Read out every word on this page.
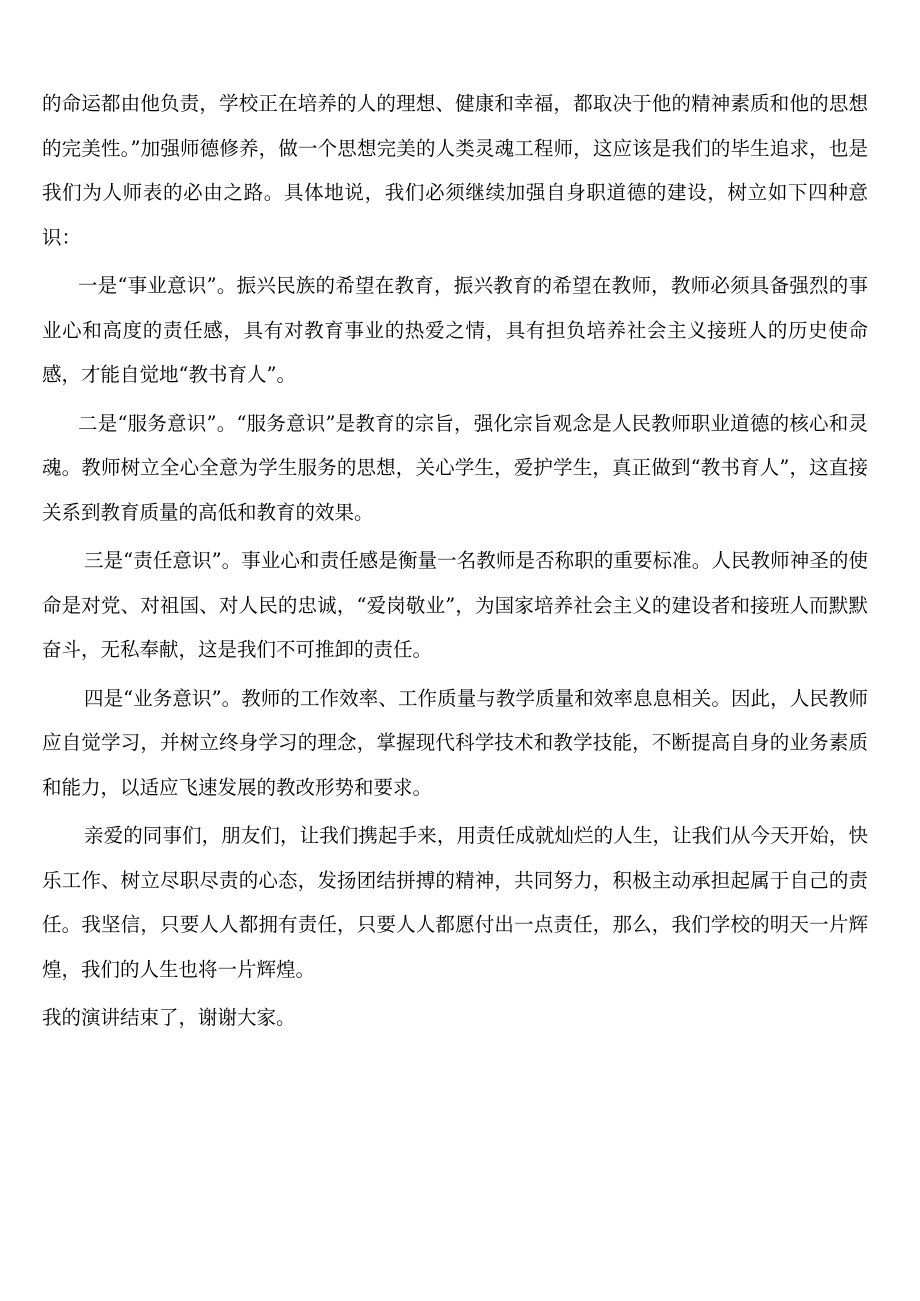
的命运都由他负责，学校正在培养的人的理想、健康和幸福，都取决于他的精神素质和他的思想的完美性。”加强师德修养，做一个思想完美的人类灵魂工程师，这应该是我们的毕生追求，也是我们为人师表的必由之路。具体地说，我们必须继续加强自身职道德的建设，树立如下四种意识：

一是“事业意识”。振兴民族的希望在教育，振兴教育的希望在教师，教师必须具备强烈的事业心和高度的责任感，具有对教育事业的热爱之情，具有担负培养社会主义接班人的历史使命感，才能自觉地“教书育人”。

二是“服务意识”。“服务意识”是教育的宗旨，强化宗旨观念是人民教师职业道德的核心和灵魂。教师树立全心全意为学生服务的思想，关心学生，爱护学生，真正做到“教书育人”，这直接关系到教育质量的高低和教育的效果。

三是“责任意识”。事业心和责任感是衡量一名教师是否称职的重要标准。人民教师神圣的使命是对党、对祖国、对人民的忠诚，“爱岗敬业”，为国家培养社会主义的建设者和接班人而默默奋斗，无私奉献，这是我们不可推卸的责任。

四是“业务意识”。教师的工作效率、工作质量与教学质量和效率息息相关。因此，人民教师应自觉学习，并树立终身学习的理念，掌握现代科学技术和教学技能，不断提高自身的业务素质和能力，以适应飞速发展的教改形势和要求。

亲爱的同事们，朋友们，让我们携起手来，用责任成就灿烂的人生，让我们从今天开始，快乐工作、树立尽职尽责的心态，发扬团结拼搏的精神，共同努力，积极主动承担起属于自己的责任。我坚信，只要人人都拥有责任，只要人人都愿付出一点责任，那么，我们学校的明天一片辉煌，我们的人生也将一片辉煌。

我的演讲结束了，谢谢大家。
